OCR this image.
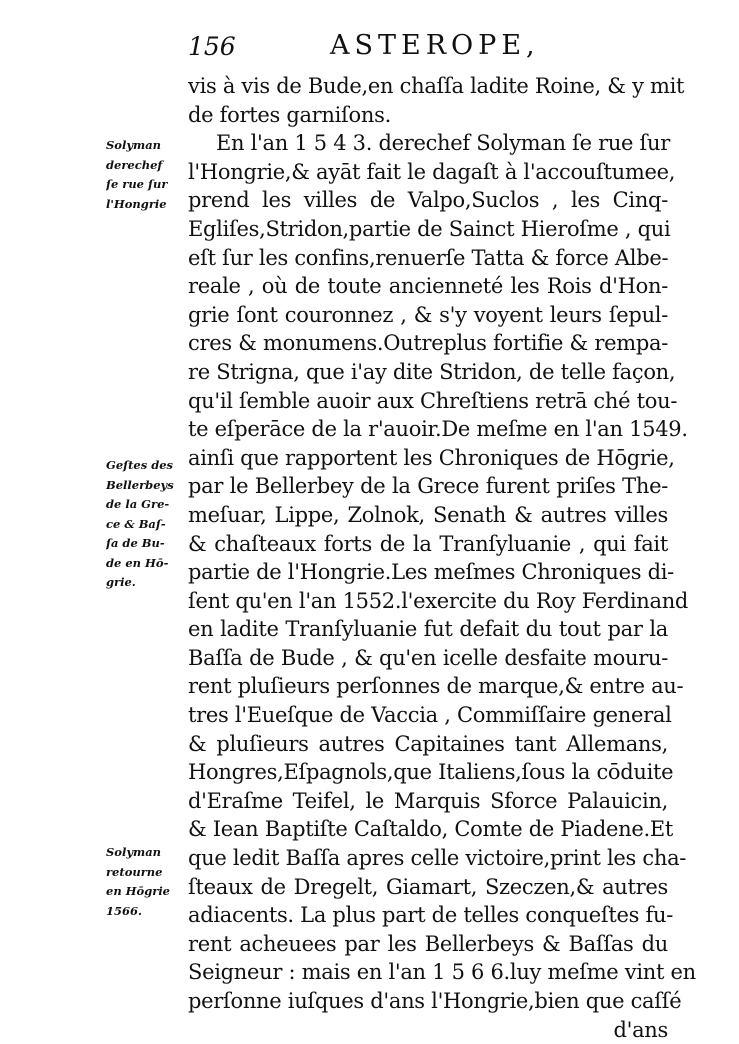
156	ASTEROPE,
vis à vis de Bude,en chaſſa ladite Roine, & y mit
de fortes garniſons.
En l'an 1 5 4 3. derechef Solyman ſe rue ſur
l'Hongrie,& ayāt fait le dagaſt à l'accouſtumee,
prend les villes de Valpo,Suclos , les Cinq-
Egliſes,Stridon,partie de Sainct Hieroſme , qui
eſt ſur les confins,renuerſe Tatta & force Albe-
reale , où de toute ancienneté les Rois d'Hon-
grie ſont couronnez , & s'y voyent leurs ſepul-
cres & monumens.Outreplus fortifie & rempa-
re Strigna, que i'ay dite Stridon, de telle façon,
qu'il ſemble auoir aux Chreſtiens retrā ché tou-
te eſperāce de la r'auoir.De meſme en l'an 1549.
ainſi que rapportent les Chroniques de Hōgrie,
par le Bellerbey de la Grece furent priſes The-
meſuar, Lippe, Zolnok, Senath & autres villes
& chaſteaux forts de la Tranſyluanie , qui fait
partie de l'Hongrie.Les meſmes Chroniques di-
ſent qu'en l'an 1552.l'exercite du Roy Ferdinand
en ladite Tranſyluanie fut defait du tout par la
Baſſa de Bude , & qu'en icelle desfaite mouru-
rent pluſieurs perſonnes de marque,& entre au-
tres l'Eueſque de Vaccia , Commiſſaire general
& pluſieurs autres Capitaines tant Allemans,
Hongres,Eſpagnols,que Italiens,ſous la cōduite
d'Eraſme Teifel, le Marquis Sforce Palauicin,
& Iean Baptiſte Caſtaldo, Comte de Piadene.Et
que ledit Baſſa apres celle victoire,print les cha-
ſteaux de Dregelt, Giamart, Szeczen,& autres
adiacents. La plus part de telles conqueſtes fu-
rent acheuees par les Bellerbeys & Baſſas du
Seigneur : mais en l'an 1 5 6 6.luy meſme vint en
perſonne iuſques d'ans l'Hongrie,bien que caſſé
d'ans
Solyman
derechef
ſe rue ſur
l'Hongrie
Geſtes des
Bellerbeys
de la Gre-
ce & Baſ-
ſa de Bu-
de en Hō-
grie.
Solyman
retourne
en Hōgrie
1566.
